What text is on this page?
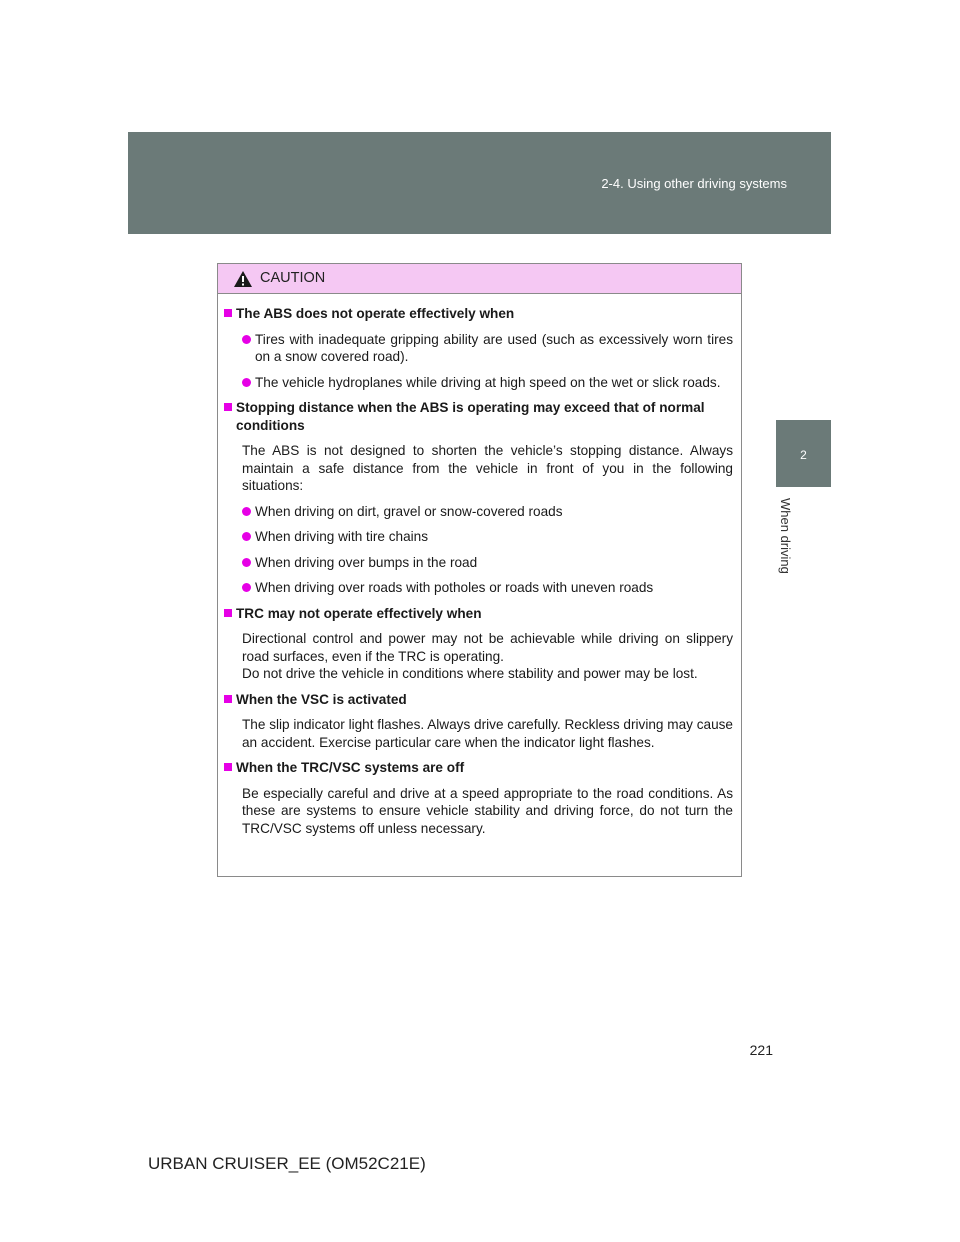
2-4. Using other driving systems
2
When driving
CAUTION
The ABS does not operate effectively when
Tires with inadequate gripping ability are used (such as excessively worn tires on a snow covered road).
The vehicle hydroplanes while driving at high speed on the wet or slick roads.
Stopping distance when the ABS is operating may exceed that of normal conditions
The ABS is not designed to shorten the vehicle’s stopping distance. Always maintain a safe distance from the vehicle in front of you in the following situations:
When driving on dirt, gravel or snow-covered roads
When driving with tire chains
When driving over bumps in the road
When driving over roads with potholes or roads with uneven roads
TRC may not operate effectively when
Directional control and power may not be achievable while driving on slippery road surfaces, even if the TRC is operating.
Do not drive the vehicle in conditions where stability and power may be lost.
When the VSC is activated
The slip indicator light flashes. Always drive carefully. Reckless driving may cause an accident. Exercise particular care when the indicator light flashes.
When the TRC/VSC systems are off
Be especially careful and drive at a speed appropriate to the road conditions. As these are systems to ensure vehicle stability and driving force, do not turn the TRC/VSC systems off unless necessary.
221
URBAN CRUISER_EE (OM52C21E)
